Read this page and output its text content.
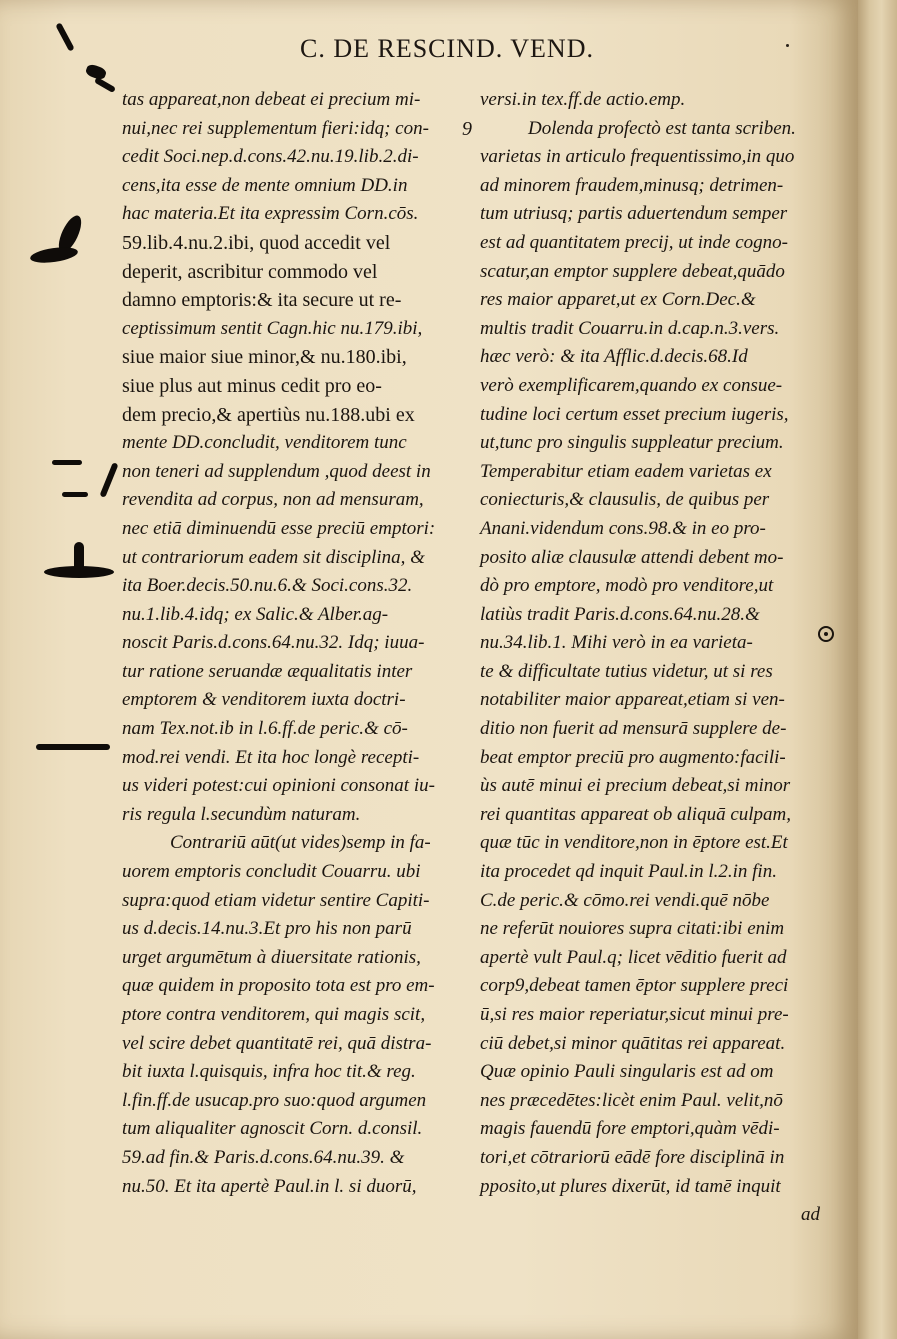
C. DE RESCIND. VEND.
tas appareat,non debeat ei precium mi-
nui,nec rei supplementum fieri:idq; con-
cedit Soci.nep.d.cons.42.nu.19.lib.2.di-
cens,ita esse de mente omnium DD.in
hac materia.Et ita expressim Corn.cōs.
59.lib.4.nu.2.ibi, quod accedit vel
deperit, ascribitur commodo vel
damno emptoris:& ita secure ut re-
ceptissimum sentit Cagn.hic nu.179.ibi,
siue maior siue minor,& nu.180.ibi,
siue plus aut minus cedit pro eo-
dem precio,& apertiùs nu.188.ubi ex
mente DD.concludit, venditorem tunc
non teneri ad supplendum ,quod deest in
revendita ad corpus, non ad mensuram,
nec etiā diminuendū esse preciū emptori:
ut contrariorum eadem sit disciplina, &
ita Boer.decis.50.nu.6.& Soci.cons.32.
nu.1.lib.4.idq; ex Salic.& Alber.ag-
noscit Paris.d.cons.64.nu.32. Idq; iuua-
tur ratione seruandæ æqualitatis inter
emptorem & venditorem iuxta doctri-
nam Tex.not.ib in l.6.ff.de peric.& cō-
mod.rei vendi. Et ita hoc longè recepti-
us videri potest:cui opinioni consonat iu-
ris regula l.secundùm naturam.
Contrariū aūt(ut vides)semp in fa-
uorem emptoris concludit Couarru. ubi
supra:quod etiam videtur sentire Capiti-
us d.decis.14.nu.3.Et pro his non parū
urget argumētum à diuersitate rationis,
quæ quidem in proposito tota est pro em-
ptore contra venditorem, qui magis scit,
vel scire debet quantitatē rei, quā distra-
bit iuxta l.quisquis, infra hoc tit.& reg.
l.fin.ff.de usucap.pro suo:quod argumen
tum aliqualiter agnoscit Corn. d.consil.
59.ad fin.& Paris.d.cons.64.nu.39. &
nu.50. Et ita apertè Paul.in l. si duorū,
9
versi.in tex.ff.de actio.emp.
Dolenda profectò est tanta scriben.
varietas in articulo frequentissimo,in quo
ad minorem fraudem,minusq; detrimen-
tum utriusq; partis aduertendum semper
est ad quantitatem precij, ut inde cogno-
scatur,an emptor supplere debeat,quādo
res maior apparet,ut ex Corn.Dec.&
multis tradit Couarru.in d.cap.n.3.vers.
hæc verò: & ita Afflic.d.decis.68.Id
verò exemplificarem,quando ex consue-
tudine loci certum esset precium iugeris,
ut,tunc pro singulis suppleatur precium.
Temperabitur etiam eadem varietas ex
coniecturis,& clausulis, de quibus per
Anani.videndum cons.98.& in eo pro-
posito aliæ clausulæ attendi debent mo-
dò pro emptore, modò pro venditore,ut
latiùs tradit Paris.d.cons.64.nu.28.&
nu.34.lib.1. Mihi verò in ea varieta-
te & difficultate tutius videtur, ut si res
notabiliter maior appareat,etiam si ven-
ditio non fuerit ad mensurā supplere de-
beat emptor preciū pro augmento:facili-
ùs autē minui ei precium debeat,si minor
rei quantitas appareat ob aliquā culpam,
quæ tūc in venditore,non in ēptore est.Et
ita procedet qd inquit Paul.in l.2.in fin.
C.de peric.& cōmo.rei vendi.quē nōbe
ne referūt nouiores supra citati:ibi enim
apertè vult Paul.q; licet vēditio fuerit ad
corp9,debeat tamen ēptor supplere preci
ū,si res maior reperiatur,sicut minui pre-
ciū debet,si minor quātitas rei appareat.
Quæ opinio Pauli singularis est ad om
nes præcedētes:licèt enim Paul. velit,nō
magis fauendū fore emptori,quàm vēdi-
tori,et cōtrariorū eādē fore disciplinā in
pposito,ut plures dixerūt, id tamē inquit
ad
